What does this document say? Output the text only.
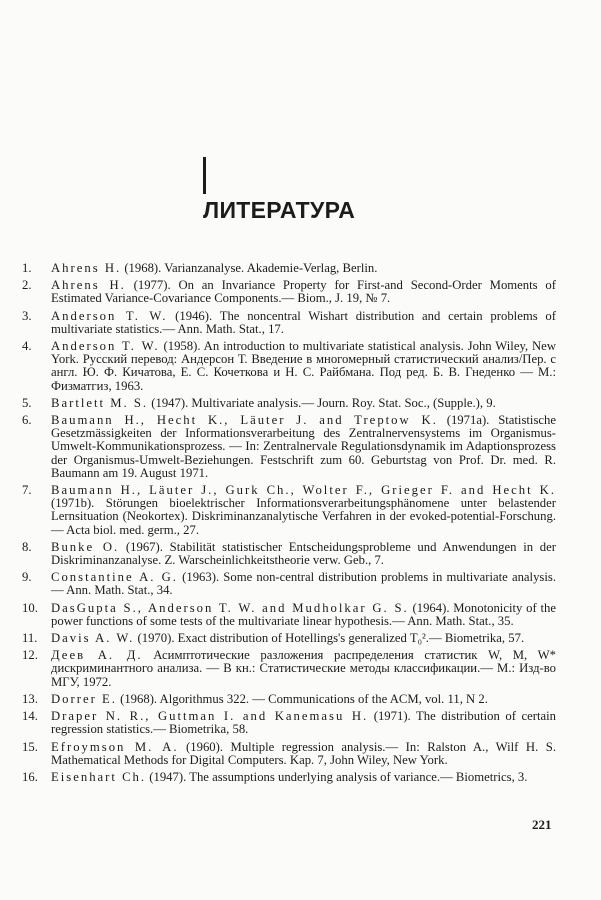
ЛИТЕРАТУРА
1.	Ahrens H. (1968). Varianzanalyse. Akademie-Verlag, Berlin.
2.	Ahrens H. (1977). On an Invariance Property for First-and Second-Order Moments of Estimated Variance-Covariance Components.— Biom., J. 19, № 7.
3.	Anderson T. W. (1946). The noncentral Wishart distribution and certain problems of multivariate statistics.— Ann. Math. Stat., 17.
4.	Anderson T. W. (1958). An introduction to multivariate statistical analysis. John Wiley, New York. Русский перевод: Андерсон Т. Введение в многомерный статистический анализ/Пер. с англ. Ю. Ф. Кичатова, Е. С. Кочеткова и Н. С. Райбмана. Под ред. Б. В. Гнеденко — М.: Физматгиз, 1963.
5.	Bartlett M. S. (1947). Multivariate analysis.— Journ. Roy. Stat. Soc., (Supple.), 9.
6.	Baumann H., Hecht K., Läuter J. and Treptow K. (1971a). Statistische Gesetzmässigkeiten der Informationsverarbeitung des Zentralnervensystems im Organismus-Umwelt-Kommunikationsprozess. — In: Zentralnervale Regulationsdynamik im Adaptionsprozess der Organismus-Umwelt-Beziehungen. Festschrift zum 60. Geburtstag von Prof. Dr. med. R. Baumann am 19. August 1971.
7.	Baumann H., Läuter J., Gurk Ch., Wolter F., Grieger F. and Hecht K. (1971b). Störungen bioelektrischer Informationsverarbeitungsphänomene unter belastender Lernsituation (Neokortex). Diskriminanzanalytische Verfahren in der evoked-potential-Forschung. — Acta biol. med. germ., 27.
8.	Bunke O. (1967). Stabilität statistischer Entscheidungsprobleme und Anwendungen in der Diskriminanzanalyse. Z. Warscheinlichkeitstheorie verw. Geb., 7.
9.	Constantine A. G. (1963). Some non-central distribution problems in multivariate analysis. — Ann. Math. Stat., 34.
10.	DasGupta S., Anderson T. W. and Mudholkar G. S. (1964). Monotonicity of the power functions of some tests of the multivariate linear hypothesis.— Ann. Math. Stat., 35.
11.	Davis A. W. (1970). Exact distribution of Hotellings's generalized T₀².— Biometrika, 57.
12.	Деев А. Д. Асимптотические разложения распределения статистик W, M, W* дискриминантного анализа. — В кн.: Статистические методы классификации.— М.: Изд-во МГУ, 1972.
13.	Dorrer E. (1968). Algorithmus 322. — Communications of the ACM, vol. 11, N 2.
14.	Draper N. R., Guttman I. and Kanemasu H. (1971). The distribution of certain regression statistics.— Biometrika, 58.
15.	Efroymson M. A. (1960). Multiple regression analysis.— In: Ralston A., Wilf H. S. Mathematical Methods for Digital Computers. Kap. 7, John Wiley, New York.
16.	Eisenhart Ch. (1947). The assumptions underlying analysis of variance.— Biometrics, 3.
221
